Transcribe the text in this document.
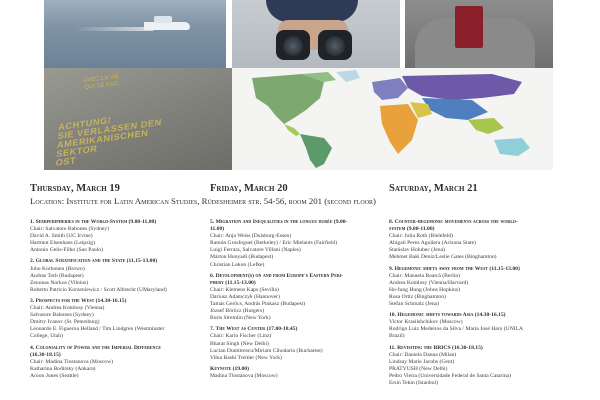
AVEC LA VIE
QUI SE FAIT
ACHTUNG!
SIE VERLASSEN DEN
AMERIKANISCHEN
SEKTOR
OST
Thursday, March 19	Friday, March 20	Saturday, March 21
Location: Institute for Latin American Studies, Rüdesheimer str. 54-56, room 201 (second floor)
1. Semiperipheries in the World-System (9.00-11.00)
Chair: Salvatore Babones (Sydney)
David A. Smith (UC Irvine)
Hartmut Elsenhans (Leipzig)
Antonio Gelis-Filho (Sao Paulo)
2. Global Stratification and the State (11.15-13.00)
Juho Korhonen (Brown)
Andras Toth (Budapest)
Zenonas Norkus (Vilnius)
Roberto Patricio Korzeniewicz / Scott Albrecht (UMaryland)
3. Prospects for the West (14.30-16.15)
Chair: Andrea Komlosy (Vienna)
Salvatore Babones (Sydney)
Dmitry Ivanov (St. Petersburg)
Leonardo E. Figueroa Helland / Tim Lindgren (Westminster
College, Utah)
4. Coloniality of Power and the Imperial Difference
(16.30-18.15)
Chair: Madina Tlostanova (Moscow)
Katharina Bodirsky (Ankara)
Aroon Jones (Seattle)
5. Migration and Inequalities in the longue durée (9.00-
11.00)
Chair: Anja Weiss (Duisburg-Essen)
Ramón Grosfoguel (Berkeley) / Eric Mielants (Fairfield)
Luigi Ferrara, Salvatore Villani (Naples)
Márton Hunyadi (Budapest)
Christian Lekon (Lefke)
6. Development(s) on and from Europe's Eastern Peri-
phery (11.15-13.00)
Chair: Klemens Kaps (Sevilla)
Dariusz Adamczyk (Hannover)
Tamás Gerőcs, András Pinkasz (Budapest)
József Böröcz (Rutgers)
Boris Stremlin (New York)
7. The West as Center (17.00-18.45)
Chair: Karin Fischer (Linz)
Bharat Singh (New Delhi)
Lucian Dumitrescu/Miriam Cihodariu (Bucharest)
Vilna Bashi Treitler (New York)
Keynote (19.00)
Madina Tlostanova (Moscow)
8. Counter-hegemonic movements across the world-
system (9.00-11.00)
Chair: Julia Roth (Bielefeld)
Abigail Perez Aguilera (Arizona State)
Stanislav Holubec (Jena)
Mehmet Baki Deniz/Leslie Gates (Binghamton)
9. Hegemonic shifts away from the West (11.15-13.00)
Chair: Manuela Boatcă (Berlin)
Andrea Komlosy (Vienna/Harvard)
Ho-fung Hung (Johns Hopkins)
Rosa Ortiz (Binghamton)
Stefan Schmalz (Jena)
10. Hegemonic shifts towards Asia (14.30-16.15)
Victor Krasilshchikov (Moscow)
Rodrigo Luiz Medeiros da Silva / Maria José Haro (UNILA
Brazil)
11. Revisiting the BRICS (16.30-18.15)
Chair: Daniela Danna (Milan)
Lindsay Marie Jacobs (Gent)
PRATYUSH (New Delhi)
Pedro Vieira (Universidade Federal de Santa Catarina)
Ersin Tekin (Istanbul)
